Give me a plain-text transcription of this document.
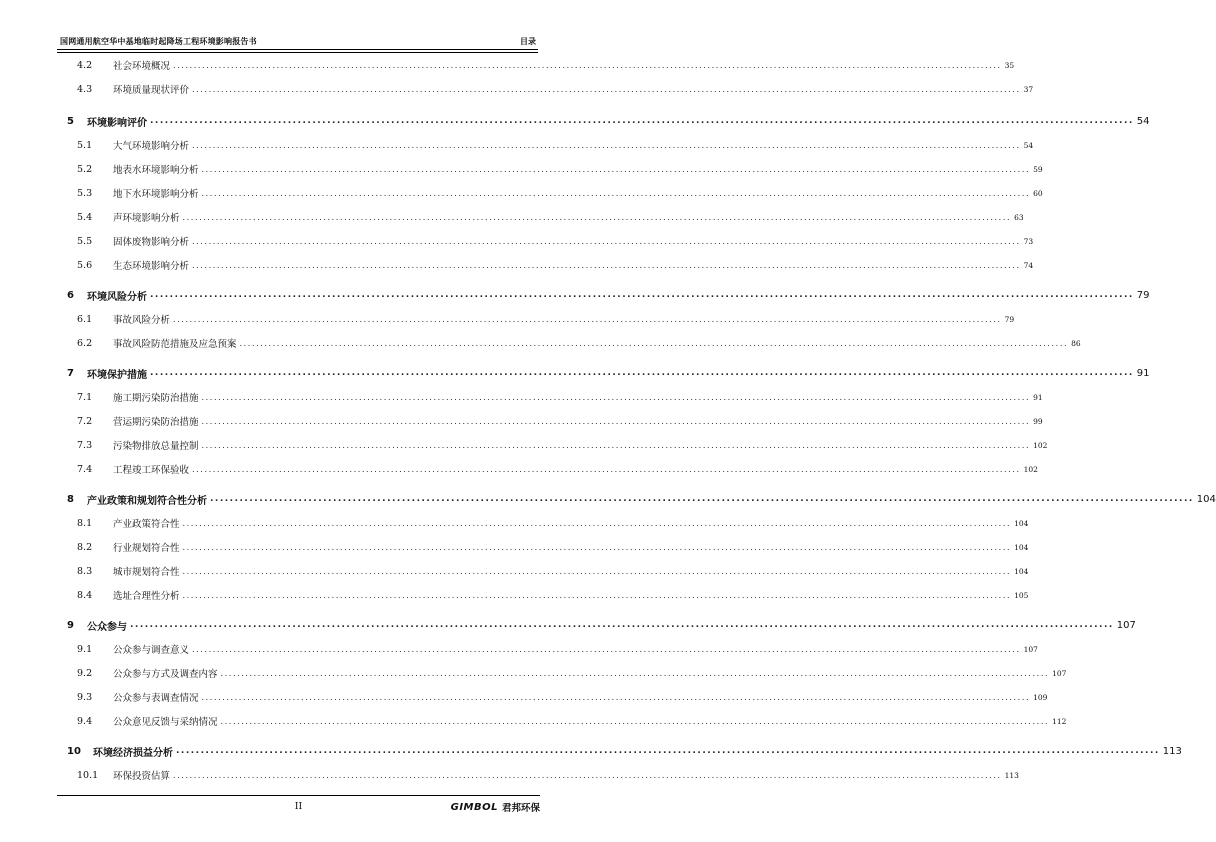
国网通用航空华中基地临时起降场工程环境影响报告书	目录
4.2	社会环境概况 ........................................................................................................................................................................................................ 35
4.3	环境质量现状评价 ........................................................................................................................................................................................................ 37
5	环境影响评价 ........................................................................................................................................................................................................ 54
5.1	大气环境影响分析 ........................................................................................................................................................................................................ 54
5.2	地表水环境影响分析 ........................................................................................................................................................................................................ 59
5.3	地下水环境影响分析 ........................................................................................................................................................................................................ 60
5.4	声环境影响分析 ........................................................................................................................................................................................................ 63
5.5	固体废物影响分析 ........................................................................................................................................................................................................ 73
5.6	生态环境影响分析 ........................................................................................................................................................................................................ 74
6	环境风险分析 ........................................................................................................................................................................................................ 79
6.1	事故风险分析 ........................................................................................................................................................................................................ 79
6.2	事故风险防范措施及应急预案 ........................................................................................................................................................................................................ 86
7	环境保护措施 ........................................................................................................................................................................................................ 91
7.1	施工期污染防治措施 ........................................................................................................................................................................................................ 91
7.2	营运期污染防治措施 ........................................................................................................................................................................................................ 99
7.3	污染物排放总量控制 ........................................................................................................................................................................................................ 102
7.4	工程竣工环保验收 ........................................................................................................................................................................................................ 102
8	产业政策和规划符合性分析 ........................................................................................................................................................................................................ 104
8.1	产业政策符合性 ........................................................................................................................................................................................................ 104
8.2	行业规划符合性 ........................................................................................................................................................................................................ 104
8.3	城市规划符合性 ........................................................................................................................................................................................................ 104
8.4	选址合理性分析 ........................................................................................................................................................................................................ 105
9	公众参与 ........................................................................................................................................................................................................ 107
9.1	公众参与调查意义 ........................................................................................................................................................................................................ 107
9.2	公众参与方式及调查内容 ........................................................................................................................................................................................................ 107
9.3	公众参与表调查情况 ........................................................................................................................................................................................................ 109
9.4	公众意见反馈与采纳情况 ........................................................................................................................................................................................................ 112
10	环境经济损益分析 ........................................................................................................................................................................................................ 113
10.1	环保投资估算 ........................................................................................................................................................................................................ 113
II	GIMBOL 君邦环保
